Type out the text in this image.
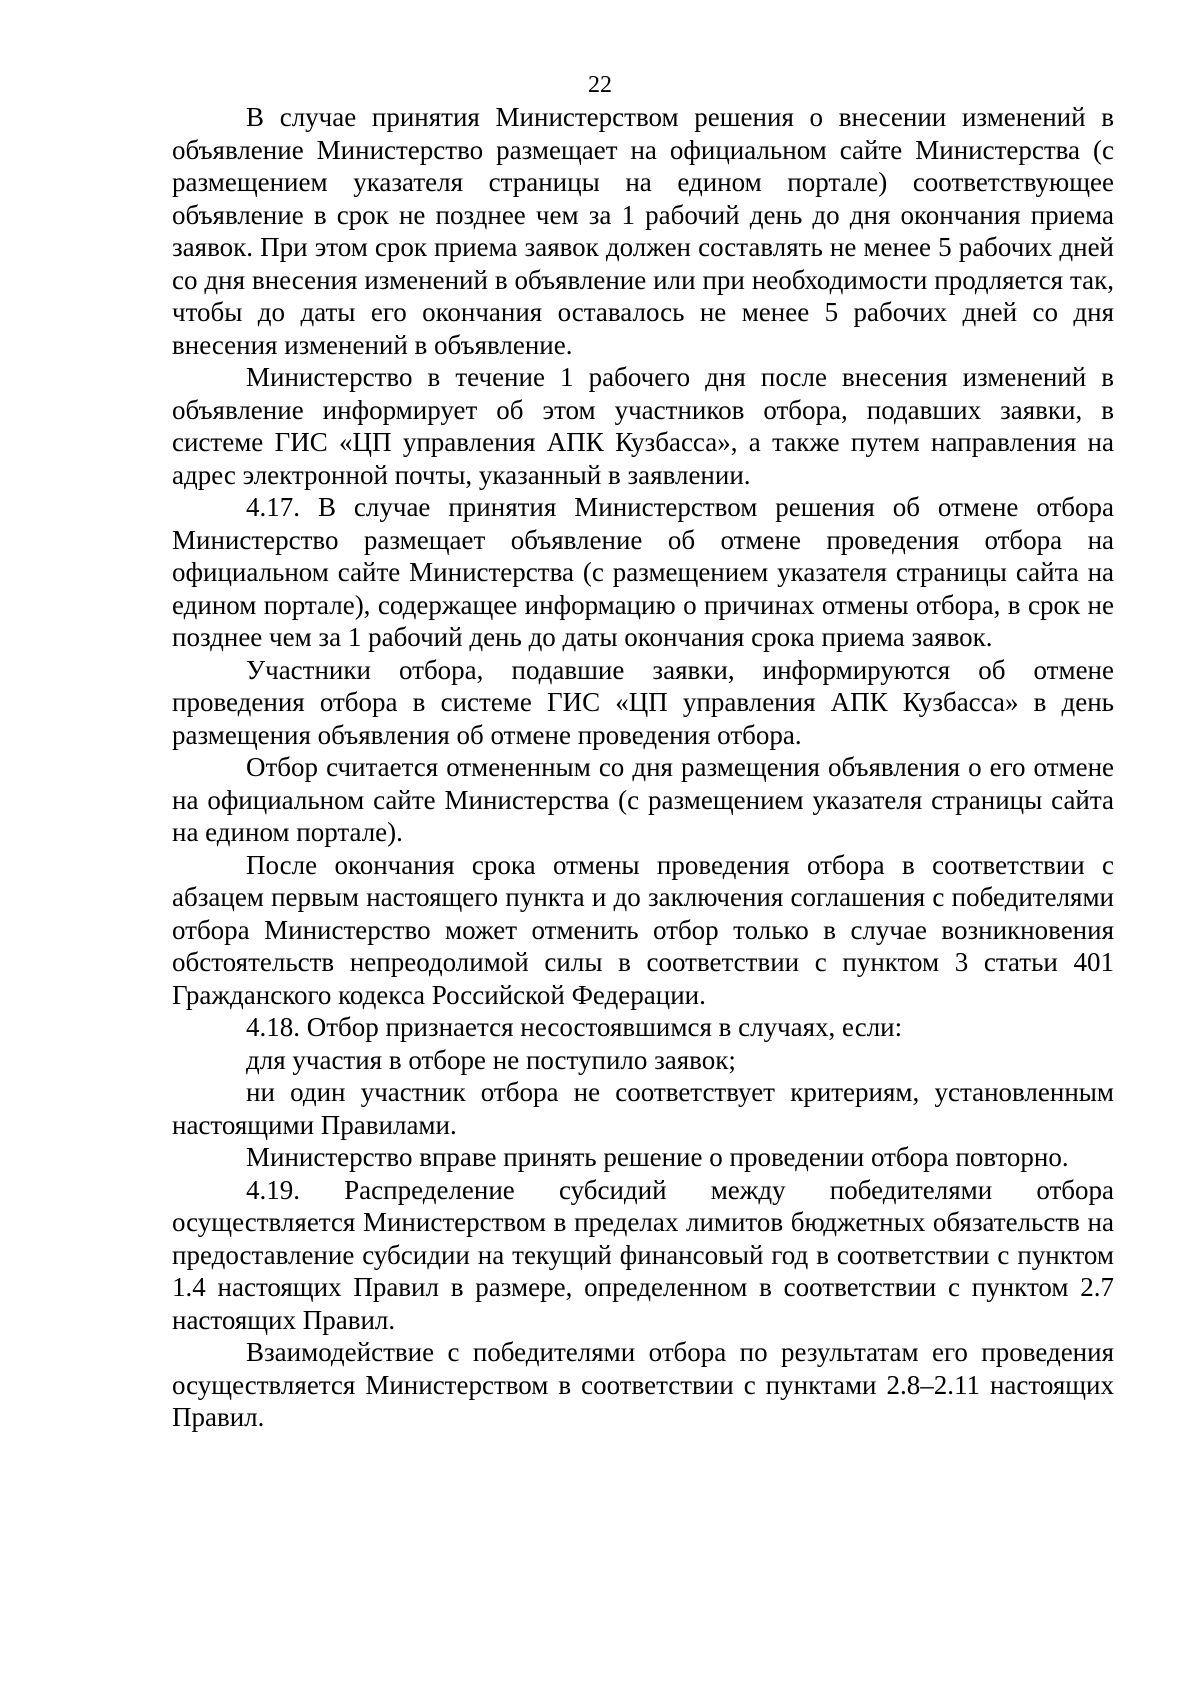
22

В случае принятия Министерством решения о внесении изменений в объявление Министерство размещает на официальном сайте Министерства (с размещением указателя страницы на едином портале) соответствующее объявление в срок не позднее чем за 1 рабочий день до дня окончания приема заявок. При этом срок приема заявок должен составлять не менее 5 рабочих дней со дня внесения изменений в объявление или при необходимости продляется так, чтобы до даты его окончания оставалось не менее 5 рабочих дней со дня внесения изменений в объявление.

Министерство в течение 1 рабочего дня после внесения изменений в объявление информирует об этом участников отбора, подавших заявки, в системе ГИС «ЦП управления АПК Кузбасса», а также путем направления на адрес электронной почты, указанный в заявлении.

4.17. В случае принятия Министерством решения об отмене отбора Министерство размещает объявление об отмене проведения отбора на официальном сайте Министерства (с размещением указателя страницы сайта на едином портале), содержащее информацию о причинах отмены отбора, в срок не позднее чем за 1 рабочий день до даты окончания срока приема заявок.

Участники отбора, подавшие заявки, информируются об отмене проведения отбора в системе ГИС «ЦП управления АПК Кузбасса» в день размещения объявления об отмене проведения отбора.

Отбор считается отмененным со дня размещения объявления о его отмене на официальном сайте Министерства (с размещением указателя страницы сайта на едином портале).

После окончания срока отмены проведения отбора в соответствии с абзацем первым настоящего пункта и до заключения соглашения с победителями отбора Министерство может отменить отбор только в случае возникновения обстоятельств непреодолимой силы в соответствии с пунктом 3 статьи 401 Гражданского кодекса Российской Федерации.

4.18. Отбор признается несостоявшимся в случаях, если:

для участия в отборе не поступило заявок;

ни один участник отбора не соответствует критериям, установленным настоящими Правилами.

Министерство вправе принять решение о проведении отбора повторно.

4.19. Распределение субсидий между победителями отбора осуществляется Министерством в пределах лимитов бюджетных обязательств на предоставление субсидии на текущий финансовый год в соответствии с пунктом 1.4 настоящих Правил в размере, определенном в соответствии с пунктом 2.7 настоящих Правил.

Взаимодействие с победителями отбора по результатам его проведения осуществляется Министерством в соответствии с пунктами 2.8–2.11 настоящих Правил.
